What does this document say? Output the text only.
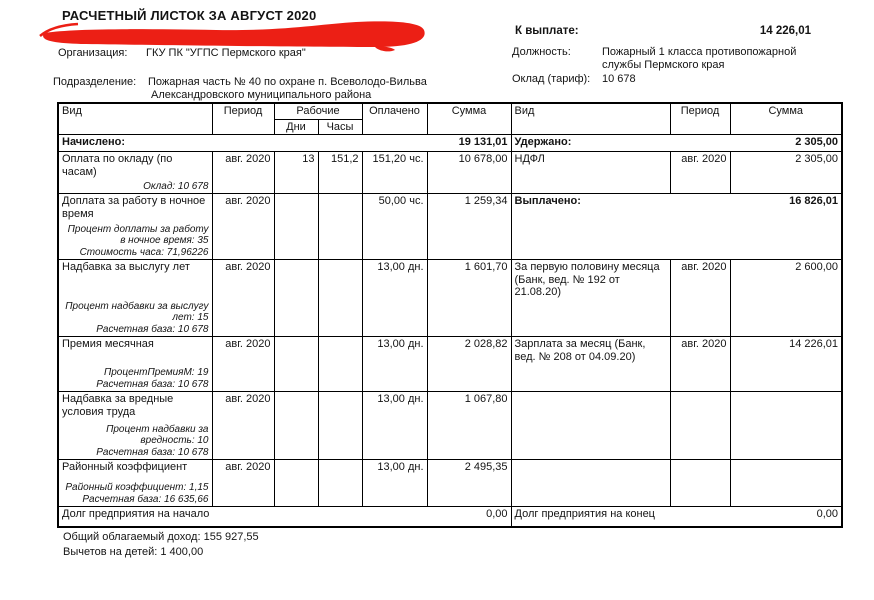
РАСЧЕТНЫЙ ЛИСТОК ЗА АВГУСТ 2020
Организация: ГКУ ПК "УГПС Пермского края"
Подразделение: Пожарная часть № 40 по охране п. Всеволодо-Вильва
Александровского муниципального района
К выплате:	14 226,01
Должность:	Пожарный 1 класса противопожарной службы Пермского края
Оклад (тариф): 10 678
Вид	Период	Рабочие		Оплачено	Сумма	Вид	Период	Сумма
		Дни	Часы					

Начислено: 19 131,01						Удержано: 2 305,00		

Оплата по окладу (по часам)
Оклад: 10 678	авг. 2020	13	151,2	151,20 чс.	10 678,00	НДФЛ	авг. 2020	2 305,00

Доплата за работу в ночное время
Процент доплаты за работу в ночное время: 35
Стоимость часа: 71,96226
	авг. 2020			50,00 чс.	1 259,34	Выплачено:	16 826,01

Надбавка за выслугу лет
Процент надбавки за выслугу лет: 15
Расчетная база: 10 678	авг. 2020			13,00 дн.	1 601,70	За первую половину месяца (Банк, вед. № 192 от 21.08.20)	авг. 2020	2 600,00

Премия месячная
ПроцентПремияМ: 19
Расчетная база: 10 678	авг. 2020			13,00 дн.	2 028,82	Зарплата за месяц (Банк, вед. № 208 от 04.09.20)	авг. 2020	14 226,01

Надбавка за вредные условия труда
Процент надбавки за вредность: 10
Расчетная база: 10 678	авг. 2020			13,00 дн.	1 067,80			

Районный коэффициент
Районный коэффициент: 1,15
Расчетная база: 16 635,66	авг. 2020			13,00 дн.	2 495,35			

Долг предприятия на начало 0,00						Долг предприятия на конец 0,00		
Общий облагаемый доход: 155 927,55
Вычетов на детей: 1 400,00
